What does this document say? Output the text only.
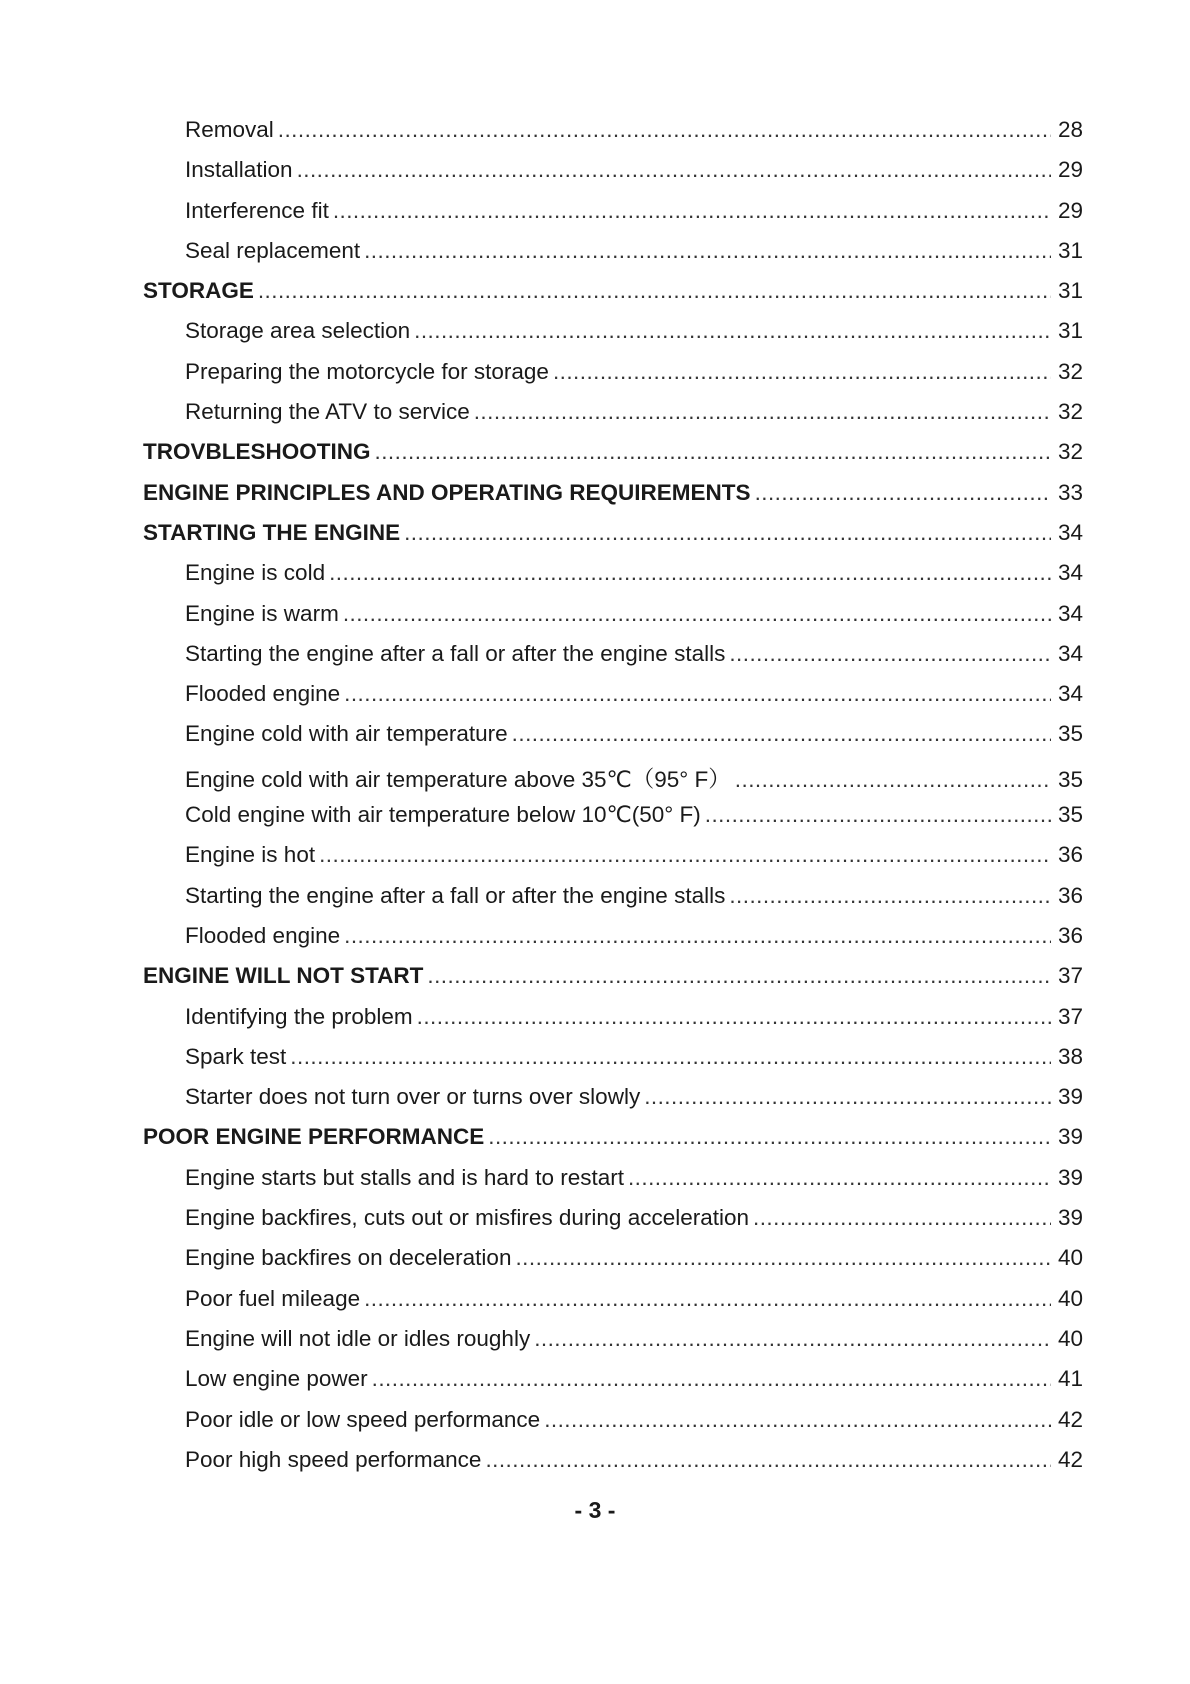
Removal . . .	28
Installation . . .	29
Interference fit . . .	29
Seal replacement . . .	31
STORAGE . . .	31
Storage area selection . . .	31
Preparing the motorcycle for storage . . .	32
Returning the ATV to service . . .	32
TROVBLESHOOTING . . .	32
ENGINE PRINCIPLES AND OPERATING REQUIREMENTS . . .	33
STARTING THE ENGINE . . .	34
Engine is cold . . .	34
Engine is warm . . .	34
Starting the engine after a fall or after the engine stalls . . .	34
Flooded engine . . .	34
Engine cold with air temperature . . .	35
Engine cold with air temperature above 35℃（95° F） . . .	35
Cold engine with air temperature below 10℃(50° F) . . .	35
Engine is hot . . .	36
Starting the engine after a fall or after the engine stalls . . .	36
Flooded engine . . .	36
ENGINE WILL NOT START . . .	37
Identifying the problem . . .	37
Spark test . . .	38
Starter does not turn over or turns over slowly . . .	39
POOR ENGINE PERFORMANCE . . .	39
Engine starts but stalls and is hard to restart . . .	39
Engine backfires, cuts out or misfires during acceleration . . .	39
Engine backfires on deceleration . . .	40
Poor fuel mileage . . .	40
Engine will not idle or idles roughly . . .	40
Low engine power . . .	41
Poor idle or low speed performance . . .	42
Poor high speed performance . . .	42
- 3 -
